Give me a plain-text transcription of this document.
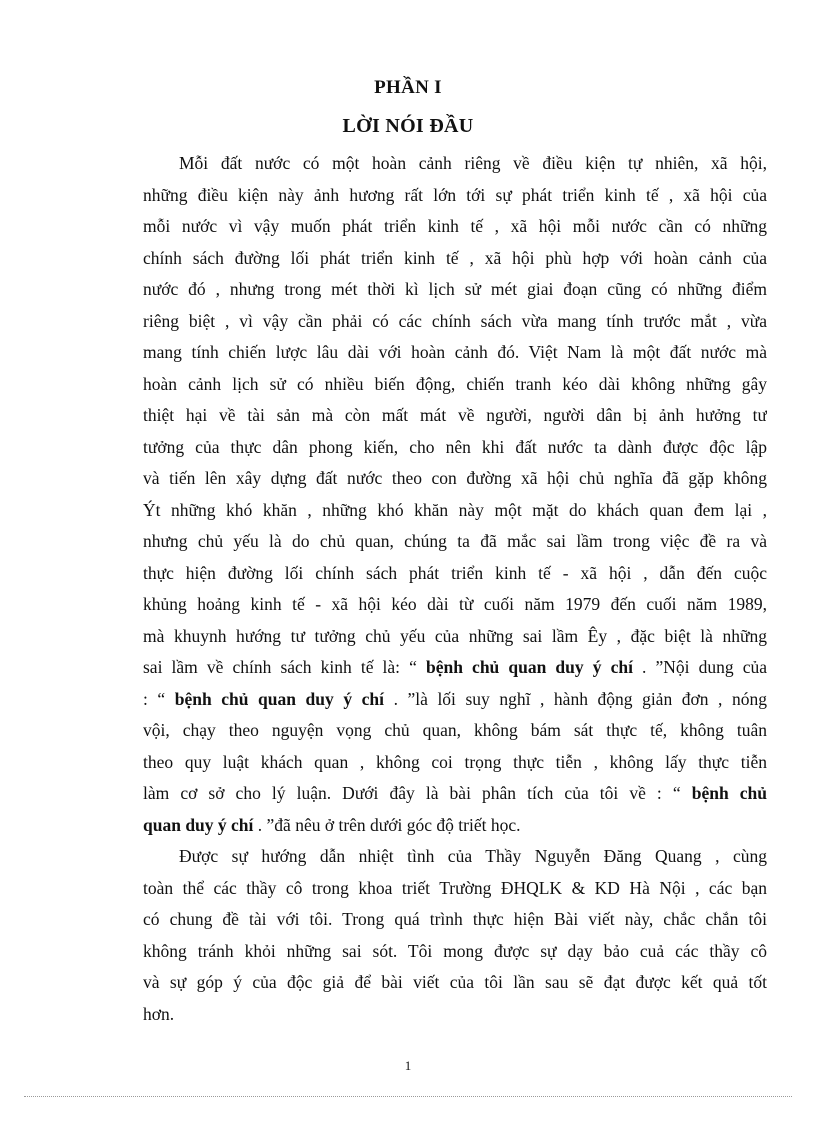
PHẦN I
LỜI NÓI ĐẦU
Mỗi đất nước có một hoàn cảnh riêng về điều kiện tự nhiên, xã hội,
những điều kiện này ảnh hương rất lớn tới sự phát triển kinh tế , xã hội của
mỗi nước vì vậy muốn phát triển kinh tế , xã hội mỗi nước cần có những
chính sách đường lối phát triển kinh tế , xã hội phù hợp với hoàn cảnh của
nước đó , nhưng trong mét thời kì lịch sử mét giai đoạn cũng có những điểm
riêng biệt , vì vậy cần phải có các chính sách vừa mang tính trước mắt , vừa
mang tính chiến lược lâu dài với hoàn cảnh đó. Việt Nam là một đất nước mà
hoàn cảnh lịch sử có nhiều biến động, chiến tranh kéo dài không những gây
thiệt hại về tài sản mà còn mất mát về người, người dân bị ảnh hưởng tư
tưởng của thực dân phong kiến, cho nên khi đất nước ta dành được độc lập
và tiến lên xây dựng đất nước theo con đường xã hội chủ nghĩa đã gặp không
Ýt những khó khăn , những khó khăn này một mặt do khách quan đem lại ,
nhưng chủ yếu là do chủ quan, chúng ta đã mắc sai lầm trong việc đề ra và
thực hiện đường lối chính sách phát triển kinh tế - xã hội , dẫn đến cuộc
khủng hoảng kinh tế - xã hội kéo dài từ cuối năm 1979 đến cuối năm 1989,
mà khuynh hướng tư tưởng chủ yếu của những sai lầm Êy , đặc biệt là những
sai lầm về chính sách kinh tế là: “ bệnh chủ quan duy ý chí . ”Nội dung của
: “ bệnh chủ quan duy ý chí . ”là lối suy nghĩ , hành động giản đơn , nóng
vội, chạy theo nguyện vọng chủ quan, không bám sát thực tế, không tuân
theo quy luật khách quan , không coi trọng thực tiễn , không lấy thực tiễn
làm cơ sở cho lý luận. Dưới đây là bài phân tích của tôi về : “ bệnh chủ
quan duy ý chí . ”đã nêu ở trên dưới góc độ triết học.
Được sự hướng dẫn nhiệt tình của Thầy Nguyễn Đăng Quang , cùng
toàn thể các thầy cô trong khoa triết Trường ĐHQLK & KD Hà Nội , các bạn
có chung đề tài với tôi. Trong quá trình thực hiện Bài viết này, chắc chắn tôi
không tránh khỏi những sai sót. Tôi mong được sự dạy bảo cuả các thầy cô
và sự góp ý của độc giả để bài viết của tôi lần sau sẽ đạt được kết quả tốt
hơn.
1
